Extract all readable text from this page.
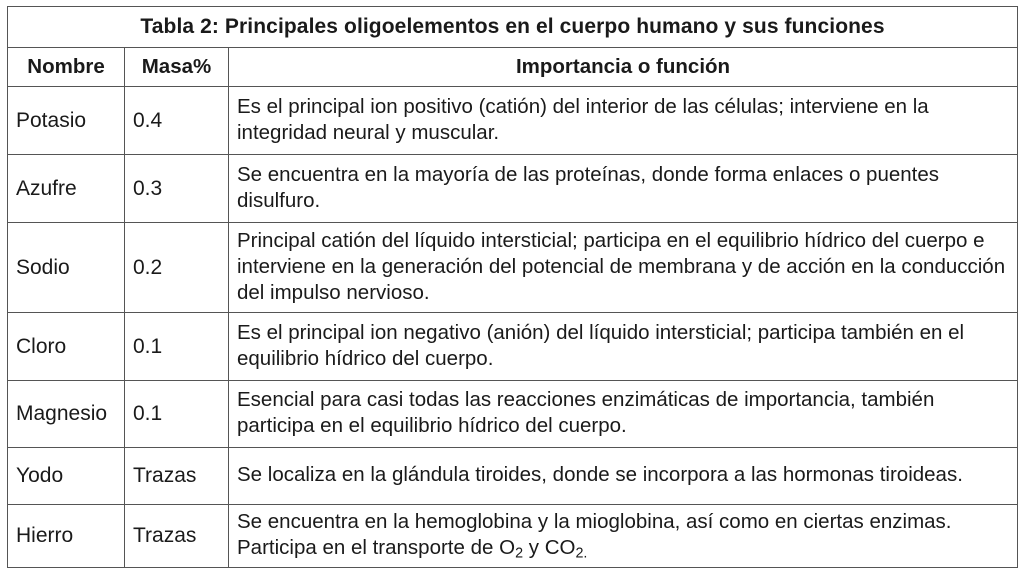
Tabla 2: Principales oligoelementos en el cuerpo humano y sus funciones		
Nombre	Masa%	Importancia o función
Potasio	0.4	Es el principal ion positivo (catión) del interior de las células; interviene en la integridad neural y muscular.
Azufre	0.3	Se encuentra en la mayoría de las proteínas, donde forma enlaces o puentes disulfuro.
Sodio	0.2	Principal catión del líquido intersticial; participa en el equilibrio hídrico del cuerpo e interviene en la generación del potencial de membrana y de acción en la conducción del impulso nervioso.
Cloro	0.1	Es el principal ion negativo (anión) del líquido intersticial; participa también en el equilibrio hídrico del cuerpo.
Magnesio	0.1	Esencial para casi todas las reacciones enzimáticas de importancia, también participa en el equilibrio hídrico del cuerpo.
Yodo	Trazas	Se localiza en la glándula tiroides, donde se incorpora a las hormonas tiroideas.
Hierro	Trazas	Se encuentra en la hemoglobina y la mioglobina, así como en ciertas enzimas. Participa en el transporte de $O_2$ y $CO_{2.}$
